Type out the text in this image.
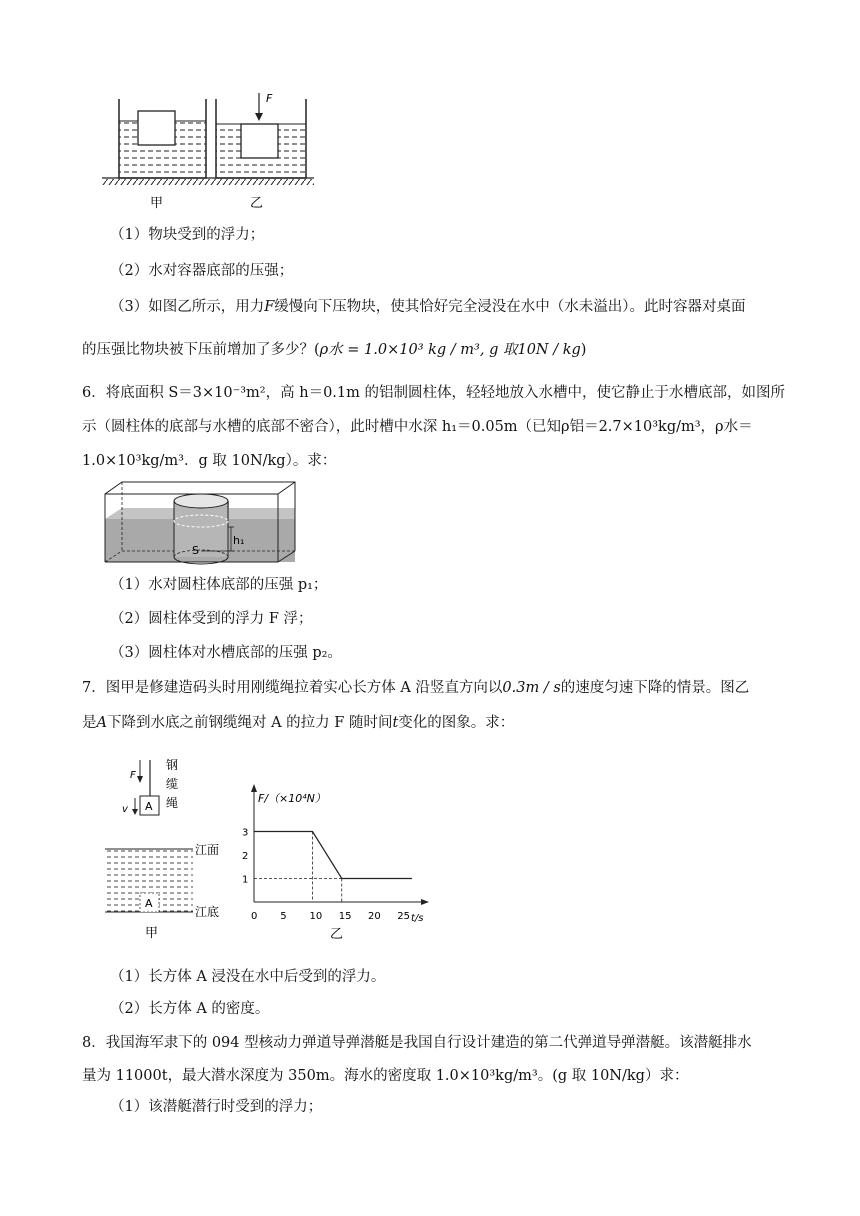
F
甲	乙
（1）物块受到的浮力；
（2）水对容器底部的压强；
（3）如图乙所示，用力F缓慢向下压物块，使其恰好完全浸没在水中（水未溢出）。此时容器对桌面
的压强比物块被下压前增加了多少？(ρ水 = 1.0×10³ kg / m³, g 取10N / kg)
6．将底面积 S＝3×10⁻³m²，高 h＝0.1m 的铝制圆柱体，轻轻地放入水槽中，使它静止于水槽底部，如图所
示（圆柱体的底部与水槽的底部不密合），此时槽中水深 h₁＝0.05m（已知ρ铝＝2.7×10³kg/m³，ρ水＝
1.0×10³kg/m³．g 取 10N/kg）。求：
S
h₁
（1）水对圆柱体底部的压强 p₁；
（2）圆柱体受到的浮力 F 浮；
（3）圆柱体对水槽底部的压强 p₂。
7．图甲是修建造码头时用刚缆绳拉着实心长方体 A 沿竖直方向以0.3m / s的速度匀速下降的情景。图乙
是A下降到水底之前钢缆绳对 A 的拉力 F 随时间t变化的图象。求：
F
A
v
钢
缆
绳
A
江面
江底
甲
F/（×10⁴N）
t/s
0 5 10 15 20 25
1
2
3
乙
（1）长方体 A 浸没在水中后受到的浮力。
（2）长方体 A 的密度。
8．我国海军隶下的 094 型核动力弹道导弹潜艇是我国自行设计建造的第二代弹道导弹潜艇。该潜艇排水
量为 11000t，最大潜水深度为 350m。海水的密度取 1.0×10³kg/m³。(g 取 10N/kg）求：
（1）该潜艇潜行时受到的浮力；
